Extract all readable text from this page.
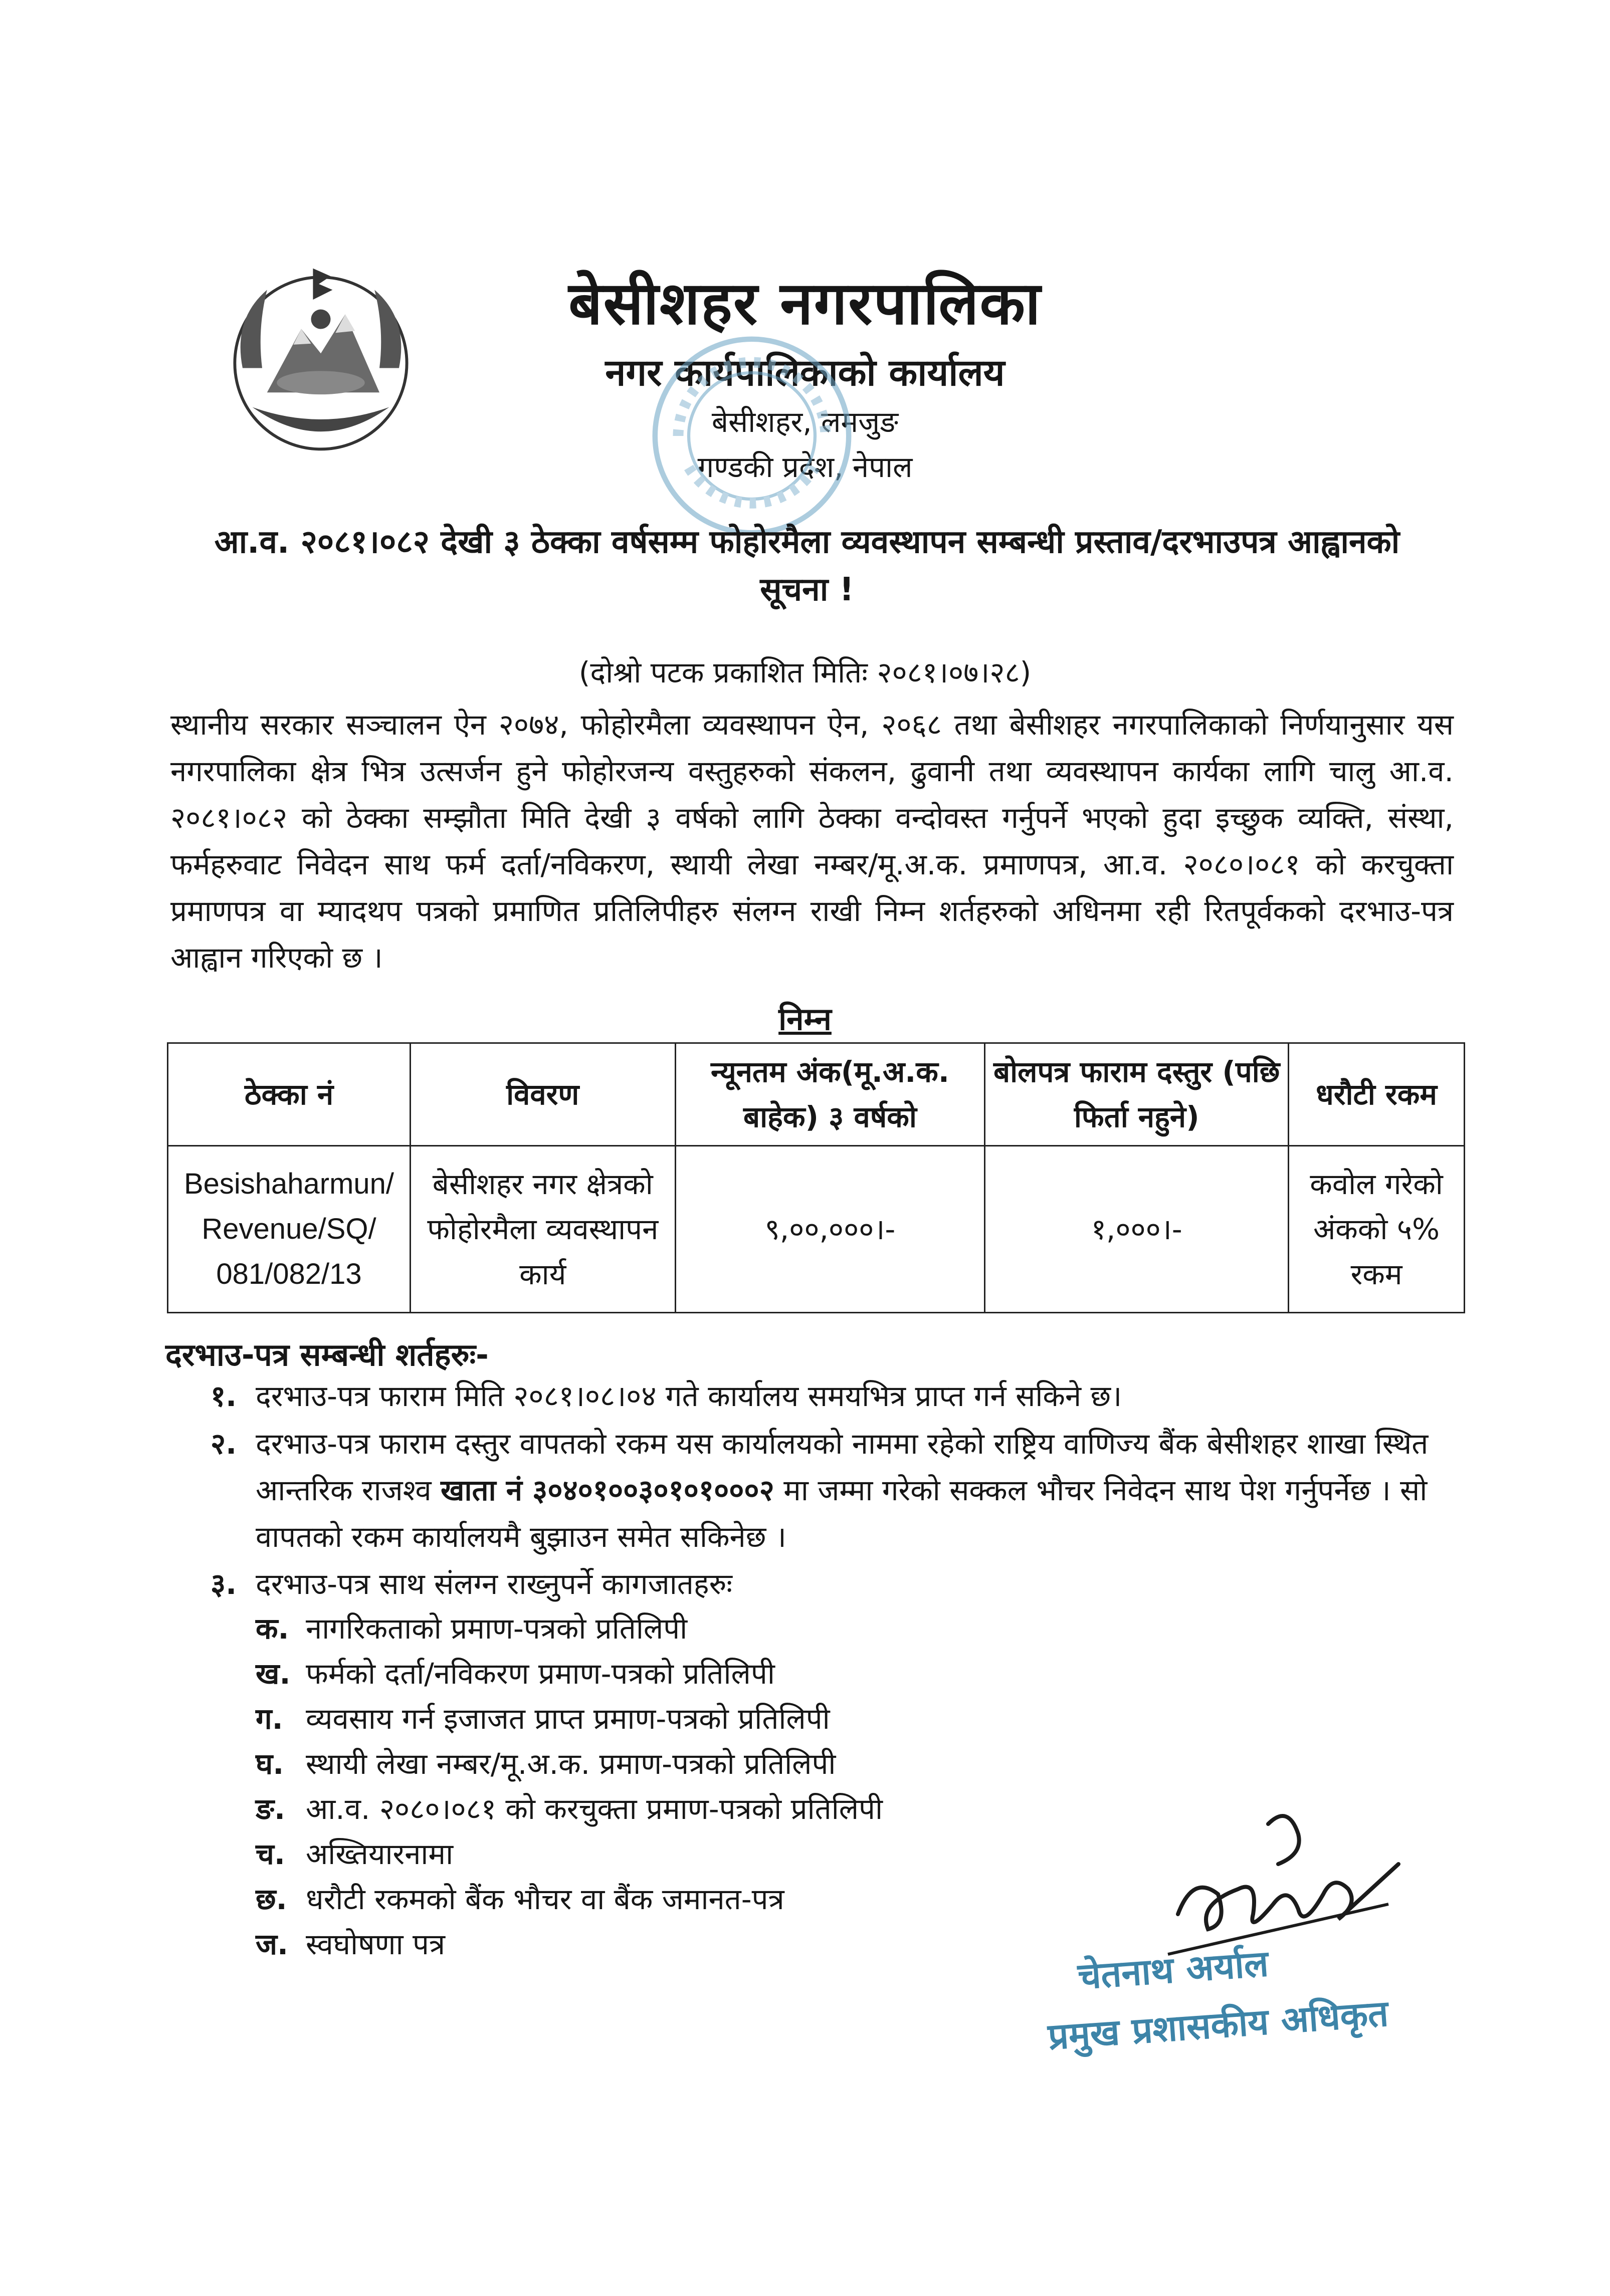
बेसीशहर नगरपालिका
नगर कार्यपालिकाको कार्यालय
बेसीशहर, लमजुङ
गण्डकी प्रदेश, नेपाल
आ.व. २०८१।०८२ देखी ३ ठेक्का वर्षसम्म फोहोरमैला व्यवस्थापन सम्बन्धी प्रस्ताव/दरभाउपत्र आह्वानको सूचना !
(दोश्रो पटक प्रकाशित मितिः २०८१।०७।२८)
स्थानीय सरकार सञ्चालन ऐन २०७४, फोहोरमैला व्यवस्थापन ऐन, २०६८ तथा बेसीशहर नगरपालिकाको निर्णयानुसार यस नगरपालिका क्षेत्र भित्र उत्सर्जन हुने फोहोरजन्य वस्तुहरुको संकलन, ढुवानी तथा व्यवस्थापन कार्यका लागि चालु आ.व. २०८१।०८२ को ठेक्का सम्झौता मिति देखी ३ वर्षको लागि ठेक्का वन्दोवस्त गर्नुपर्ने भएको हुदा इच्छुक व्यक्ति, संस्था, फर्महरुवाट निवेदन साथ फर्म दर्ता/नविकरण, स्थायी लेखा नम्बर/मू.अ.क. प्रमाणपत्र, आ.व. २०८०।०८१ को करचुक्ता प्रमाणपत्र वा म्यादथप पत्रको प्रमाणित प्रतिलिपीहरु संलग्न राखी निम्न शर्तहरुको अधिनमा रही रितपूर्वकको दरभाउ-पत्र आह्वान गरिएको छ ।
निम्न
ठेक्का नं	विवरण	न्यूनतम अंक(मू.अ.क. बाहेक) ३ वर्षको	बोलपत्र फाराम दस्तुर (पछि फिर्ता नहुने)	धरौटी रकम
Besishaharmun/ Revenue/SQ/ 081/082/13	बेसीशहर नगर क्षेत्रको फोहोरमैला व्यवस्थापन कार्य	९,००,०००।-	१,०००।-	कवोल गरेको अंकको ५% रकम
दरभाउ-पत्र सम्बन्धी शर्तहरुः-
१. दरभाउ-पत्र फाराम मिति २०८१।०८।०४ गते कार्यालय समयभित्र प्राप्त गर्न सकिने छ।
२. दरभाउ-पत्र फाराम दस्तुर वापतको रकम यस कार्यालयको नाममा रहेको राष्ट्रिय वाणिज्य बैंक बेसीशहर शाखा स्थित आन्तरिक राजश्व खाता नं ३०४०१००३०१०१०००२ मा जम्मा गरेको सक्कल भौचर निवेदन साथ पेश गर्नुपर्नेछ । सो वापतको रकम कार्यालयमै बुझाउन समेत सकिनेछ ।
३. दरभाउ-पत्र साथ संलग्न राख्नुपर्ने कागजातहरुः
क. नागरिकताको प्रमाण-पत्रको प्रतिलिपी
ख. फर्मको दर्ता/नविकरण प्रमाण-पत्रको प्रतिलिपी
ग. व्यवसाय गर्न इजाजत प्राप्त प्रमाण-पत्रको प्रतिलिपी
घ. स्थायी लेखा नम्बर/मू.अ.क. प्रमाण-पत्रको प्रतिलिपी
ङ. आ.व. २०८०।०८१ को करचुक्ता प्रमाण-पत्रको प्रतिलिपी
च. अख्तियारनामा
छ. धरौटी रकमको बैंक भौचर वा बैंक जमानत-पत्र
ज. स्वघोषणा पत्र	चेतनाथ अर्याल
प्रमुख प्रशासकीय अधिकृत
